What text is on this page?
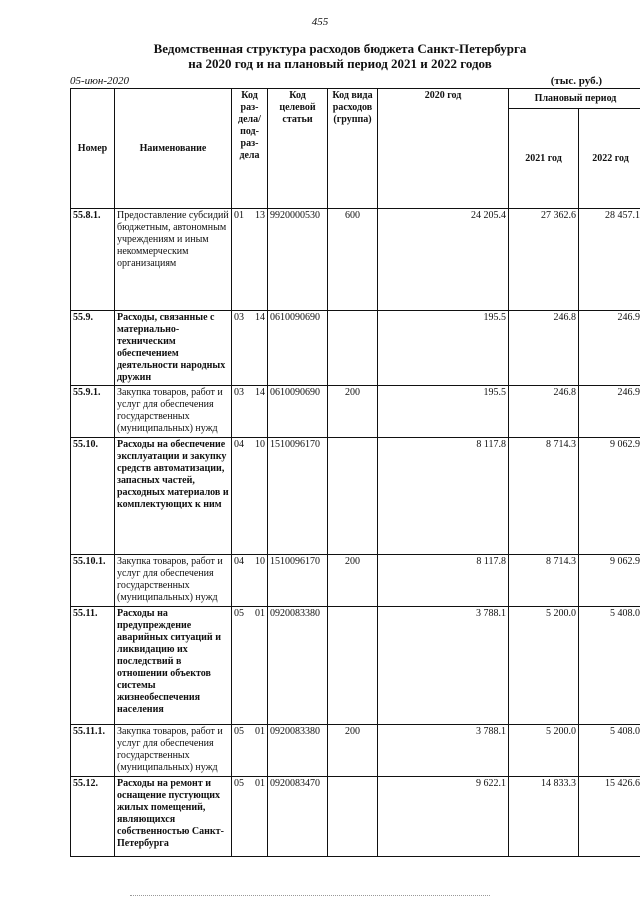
455
Ведомственная структура расходов бюджета Санкт-Петербурга
на 2020 год и на плановый период 2021 и 2022 годов
05-июн-2020	(тыс. руб.)
Номер	Наименование	Код раз- дела/ под- раз- дела	Код целевой статьи	Код вида расходов (группа)	2020 год	Плановый период	
						2021 год	2022 год
55.8.1.	Предоставление субсидий бюджетным, автономным учреждениям и иным некоммерческим организациям	01 13	9920000530	600	24 205.4	27 362.6	28 457.1
55.9.	Расходы, связанные с материально-техническим обеспечением деятельности народных дружин	03 14	0610090690		195.5	246.8	246.9
55.9.1.	Закупка товаров, работ и услуг для обеспечения государственных (муниципальных) нужд	03 14	0610090690	200	195.5	246.8	246.9
55.10.	Расходы на обеспечение эксплуатации и закупку средств автоматизации, запасных частей, расходных материалов и комплектующих к ним	04 10	1510096170		8 117.8	8 714.3	9 062.9
55.10.1.	Закупка товаров, работ и услуг для обеспечения государственных (муниципальных) нужд	04 10	1510096170	200	8 117.8	8 714.3	9 062.9
55.11.	Расходы на предупреждение аварийных ситуаций и ликвидацию их последствий в отношении объектов системы жизнеобеспечения населения	05 01	0920083380		3 788.1	5 200.0	5 408.0
55.11.1.	Закупка товаров, работ и услуг для обеспечения государственных (муниципальных) нужд	05 01	0920083380	200	3 788.1	5 200.0	5 408.0
55.12.	Расходы на ремонт и оснащение пустующих жилых помещений, являющихся собственностью Санкт-Петербурга	05 01	0920083470		9 622.1	14 833.3	15 426.6
